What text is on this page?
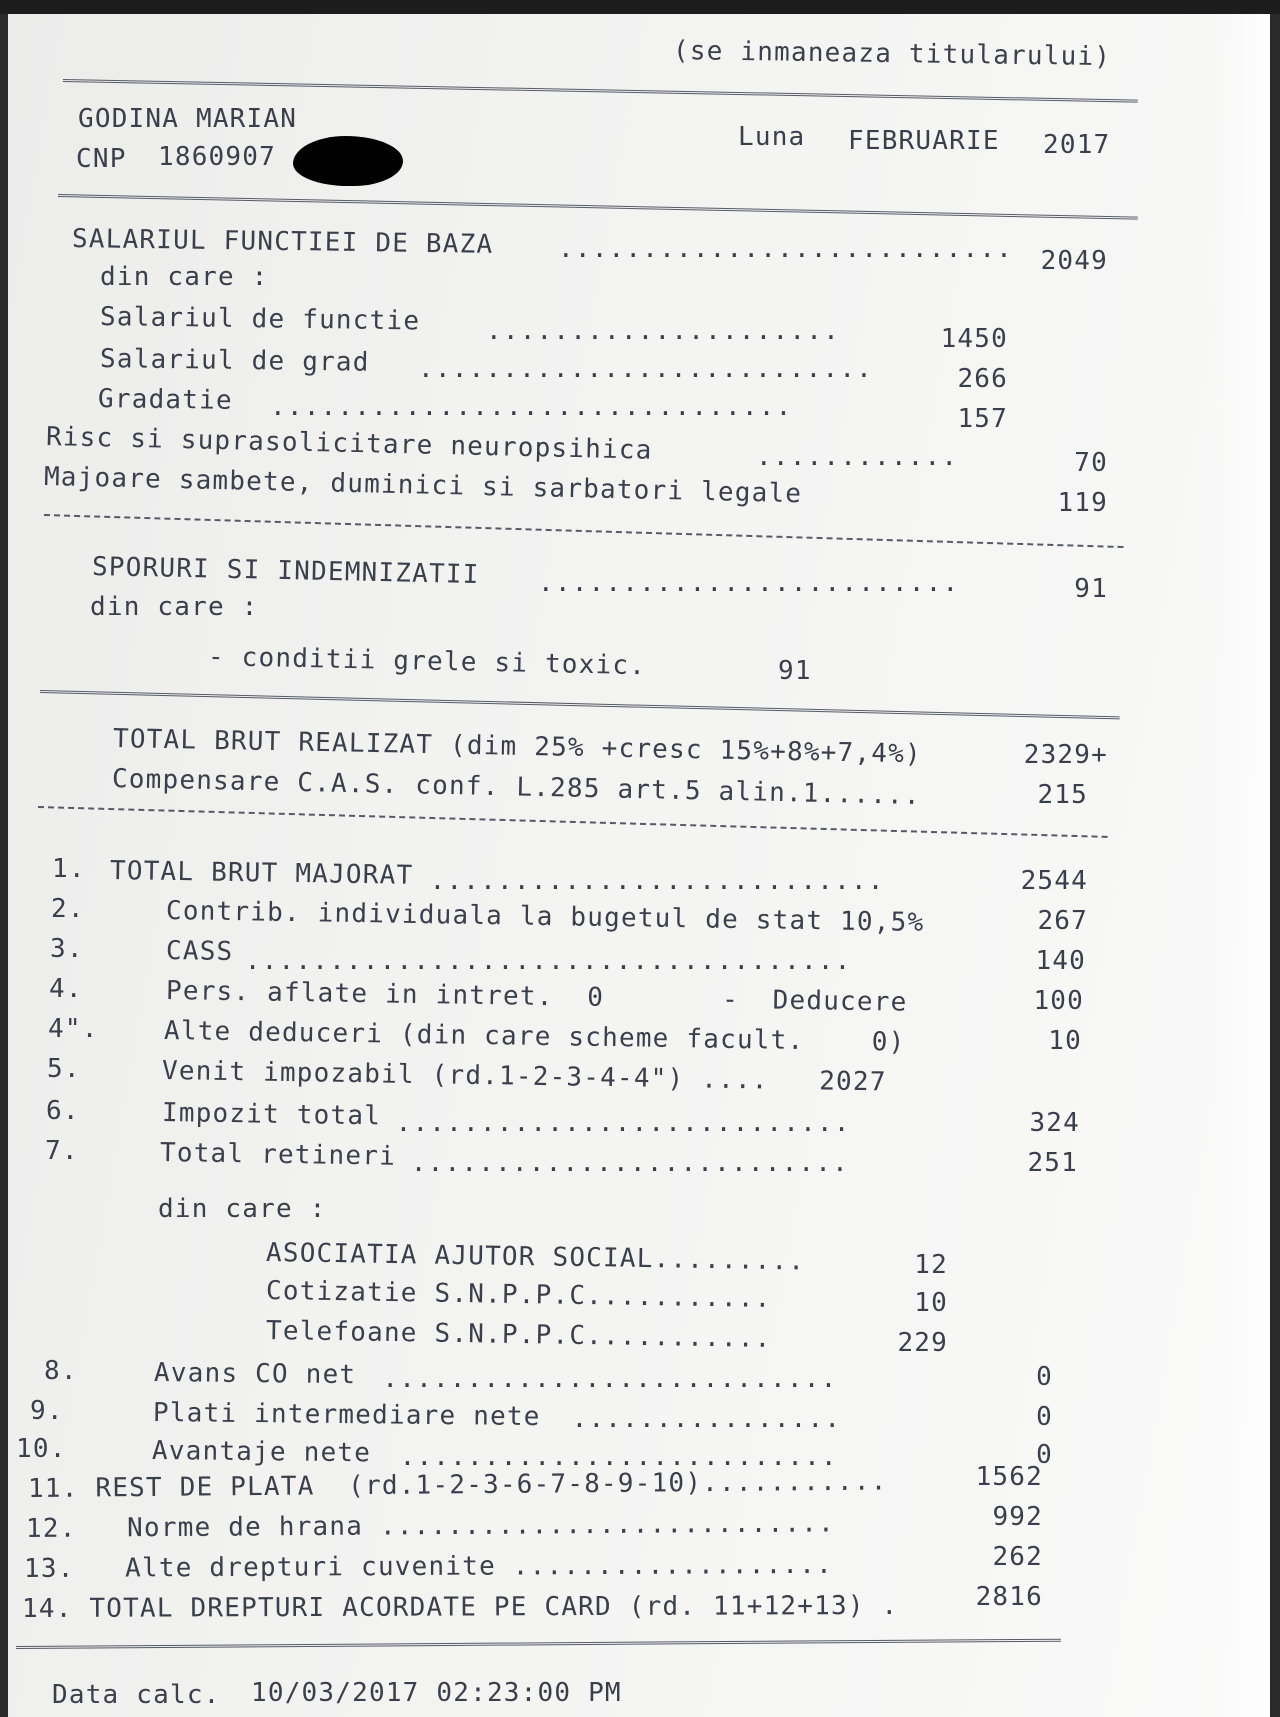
(se inmaneaza titularului)
GODINA MARIAN
CNP 1860907
Luna FEBRUARIE 2017
SALARIUL FUNCTIEI DE BAZA ...........................	2049
din care :
Salariul de functie	.....................	1450
Salariul de grad ...........................	266
Gradatie ...............................	157
Risc si suprasolicitare neuropsihica	............	70
Majoare sambete, duminici si sarbatori legale	119
SPORURI SI INDEMNIZATII .........................	91
din care :
- conditii grele si toxic.	91
TOTAL BRUT REALIZAT (dim 25% +cresc 15%+8%+7,4%)	2329+
Compensare C.A.S. conf. L.285 art.5 alin.1......	215
din care :
Data calc. 10/03/2017 02:23:00 PM
1. TOTAL BRUT MAJORAT ...........................	2544
2.	Contrib. individuala la bugetul de stat 10,5%	267
3.	CASS ....................................	140
4.	Pers. aflate in intret.  0       -  Deducere	100
4".	Alte deduceri (din care scheme facult.    0)	10
5.	Venit impozabil (rd.1-2-3-4-4") ....   2027
6.	Impozit total ...........................	324
7.	Total retineri ..........................	251
ASOCIATIA AJUTOR SOCIAL.........	12
Cotizatie S.N.P.P.C...........	10
Telefoane S.N.P.P.C...........	229
8.	Avans CO net ...........................	0
9.	Plati intermediare nete ................	0
10.	Avantaje nete ..........................	0
11. REST DE PLATA  (rd.1-2-3-6-7-8-9-10)...........	1562
12.   Norme de hrana ...........................	992
13.   Alte drepturi cuvenite ...................	262
14. TOTAL DREPTURI ACORDATE PE CARD (rd. 11+12+13) .	2816
